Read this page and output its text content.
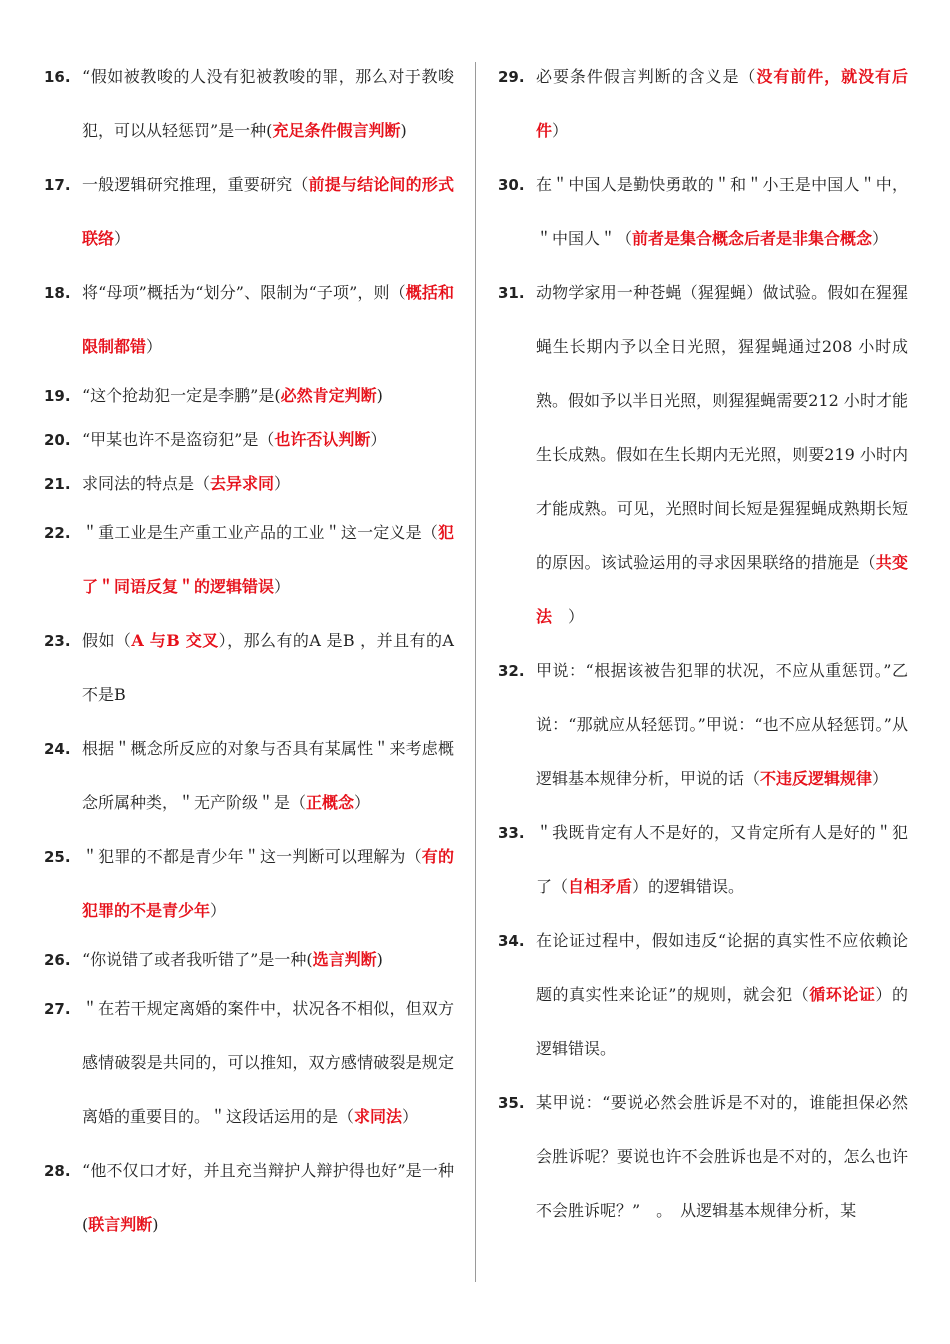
16. “假如被教唆的人没有犯被教唆的罪，那么对于教唆犯，可以从轻惩罚”是一种(充足条件假言判断)
17. 一般逻辑研究推理，重要研究（前提与结论间的形式联络）
18. 将“母项”概括为“划分”、限制为“子项”，则（概括和限制都错）
19. “这个抢劫犯一定是李鹏”是(必然肯定判断)
20. “甲某也许不是盗窃犯”是（也许否认判断）
21. 求同法的特点是（去异求同）
22. ＂重工业是生产重工业产品的工业＂这一定义是（犯了＂同语反复＂的逻辑错误）
23. 假如（A 与B 交叉），那么有的A 是B ，并且有的A 不是B
24. 根据＂概念所反应的对象与否具有某属性＂来考虑概念所属种类，＂无产阶级＂是（正概念）
25. ＂犯罪的不都是青少年＂这一判断可以理解为（有的犯罪的不是青少年）
26. “你说错了或者我听错了”是一种(选言判断)
27. ＂在若干规定离婚的案件中，状况各不相似，但双方感情破裂是共同的，可以推知，双方感情破裂是规定离婚的重要目的。＂这段话运用的是（求同法）
28. “他不仅口才好，并且充当辩护人辩护得也好”是一种(联言判断)
29. 必要条件假言判断的含义是（没有前件，就没有后件）
30. 在＂中国人是勤快勇敢的＂和＂小王是中国人＂中，＂中国人＂（前者是集合概念后者是非集合概念）
31. 动物学家用一种苍蝇（猩猩蝇）做试验。假如在猩猩蝇生长期内予以全日光照，猩猩蝇通过208 小时成熟。假如予以半日光照，则猩猩蝇需要212 小时才能生长成熟。假如在生长期内无光照，则要219 小时内才能成熟。可见，光照时间长短是猩猩蝇成熟期长短的原因。该试验运用的寻求因果联络的措施是（共变法　）
32. 甲说：“根据该被告犯罪的状况，不应从重惩罚。”乙说：“那就应从轻惩罚。”甲说：“也不应从轻惩罚。”从逻辑基本规律分析，甲说的话（不违反逻辑规律）
33. ＂我既肯定有人不是好的，又肯定所有人是好的＂犯了（自相矛盾）的逻辑错误。
34. 在论证过程中，假如违反“论据的真实性不应依赖论题的真实性来论证”的规则，就会犯（循环论证）的逻辑错误。
35. 某甲说：“要说必然会胜诉是不对的，谁能担保必然会胜诉呢？要说也许不会胜诉也是不对的，怎么也许不会胜诉呢？”　。　从逻辑基本规律分析，某
